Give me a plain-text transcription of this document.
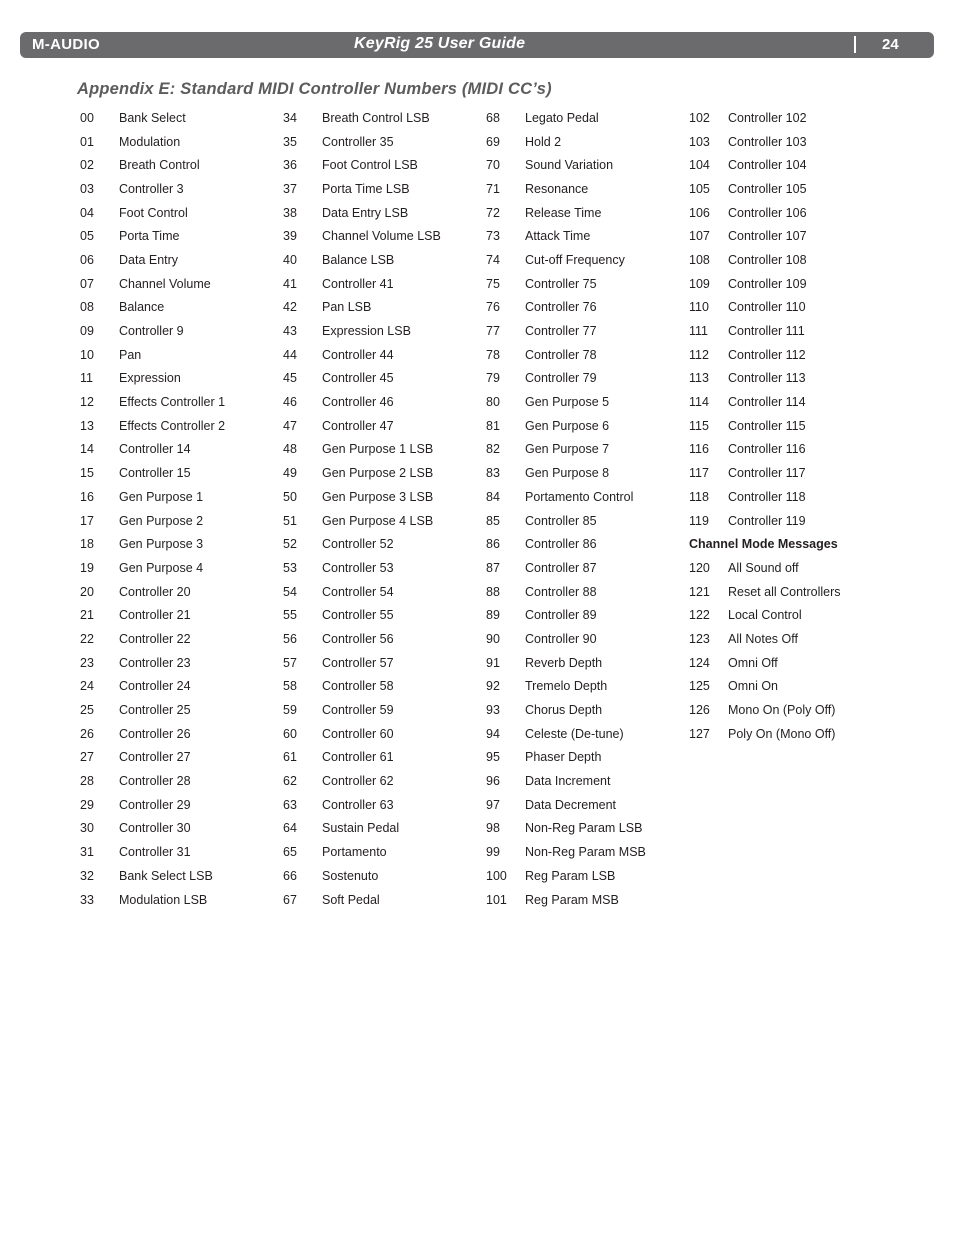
M-AUDIO	KeyRig 25 User Guide	24
Appendix E: Standard MIDI Controller Numbers (MIDI CC’s)
00	Bank Select
01	Modulation
02	Breath Control
03	Controller 3
04	Foot Control
05	Porta Time
06	Data Entry
07	Channel Volume
08	Balance
09	Controller 9
10	Pan
11	Expression
12	Effects Controller 1
13	Effects Controller 2
14	Controller 14
15	Controller 15
16	Gen Purpose 1
17	Gen Purpose 2
18	Gen Purpose 3
19	Gen Purpose 4
20	Controller 20
21	Controller 21
22	Controller 22
23	Controller 23
24	Controller 24
25	Controller 25
26	Controller 26
27	Controller 27
28	Controller 28
29	Controller 29
30	Controller 30
31	Controller 31
32	Bank Select LSB
33	Modulation LSB
34	Breath Control LSB
35	Controller 35
36	Foot Control LSB
37	Porta Time LSB
38	Data Entry LSB
39	Channel Volume LSB
40	Balance LSB
41	Controller 41
42	Pan LSB
43	Expression LSB
44	Controller 44
45	Controller 45
46	Controller 46
47	Controller 47
48	Gen Purpose 1 LSB
49	Gen Purpose 2 LSB
50	Gen Purpose 3 LSB
51	Gen Purpose 4 LSB
52	Controller 52
53	Controller 53
54	Controller 54
55	Controller 55
56	Controller 56
57	Controller 57
58	Controller 58
59	Controller 59
60	Controller 60
61	Controller 61
62	Controller 62
63	Controller 63
64	Sustain Pedal
65	Portamento
66	Sostenuto
67	Soft Pedal
68	Legato Pedal
69	Hold 2
70	Sound Variation
71	Resonance
72	Release Time
73	Attack Time
74	Cut-off Frequency
75	Controller 75
76	Controller 76
77	Controller 77
78	Controller 78
79	Controller 79
80	Gen Purpose 5
81	Gen Purpose 6
82	Gen Purpose 7
83	Gen Purpose 8
84	Portamento Control
85	Controller 85
86	Controller 86
87	Controller 87
88	Controller 88
89	Controller 89
90	Controller 90
91	Reverb Depth
92	Tremelo Depth
93	Chorus Depth
94	Celeste (De-tune)
95	Phaser Depth
96	Data Increment
97	Data Decrement
98	Non-Reg Param LSB
99	Non-Reg Param MSB
100	Reg Param LSB
101	Reg Param MSB
102	Controller 102
103	Controller 103
104	Controller 104
105	Controller 105
106	Controller 106
107	Controller 107
108	Controller 108
109	Controller 109
110	Controller 110
111	Controller 111
112	Controller 112
113	Controller 113
114	Controller 114
115	Controller 115
116	Controller 116
117	Controller 117
118	Controller 118
119	Controller 119
Channel Mode Messages
120	All Sound off
121	Reset all Controllers
122	Local Control
123	All Notes Off
124	Omni Off
125	Omni On
126	Mono On (Poly Off)
127	Poly On (Mono Off)
